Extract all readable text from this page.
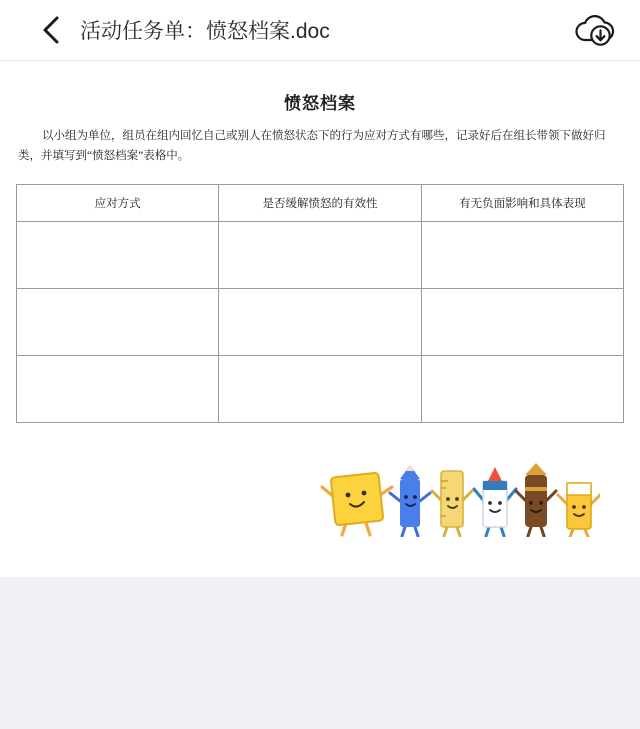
活动任务单：愤怒档案.doc
愤怒档案

以小组为单位，组员在组内回忆自己或别人在愤怒状态下的行为应对方式有哪些，记录好后在组长带领下做好归类，并填写到“愤怒档案”表格中。

应对方式	是否缓解愤怒的有效性	有无负面影响和具体表现
